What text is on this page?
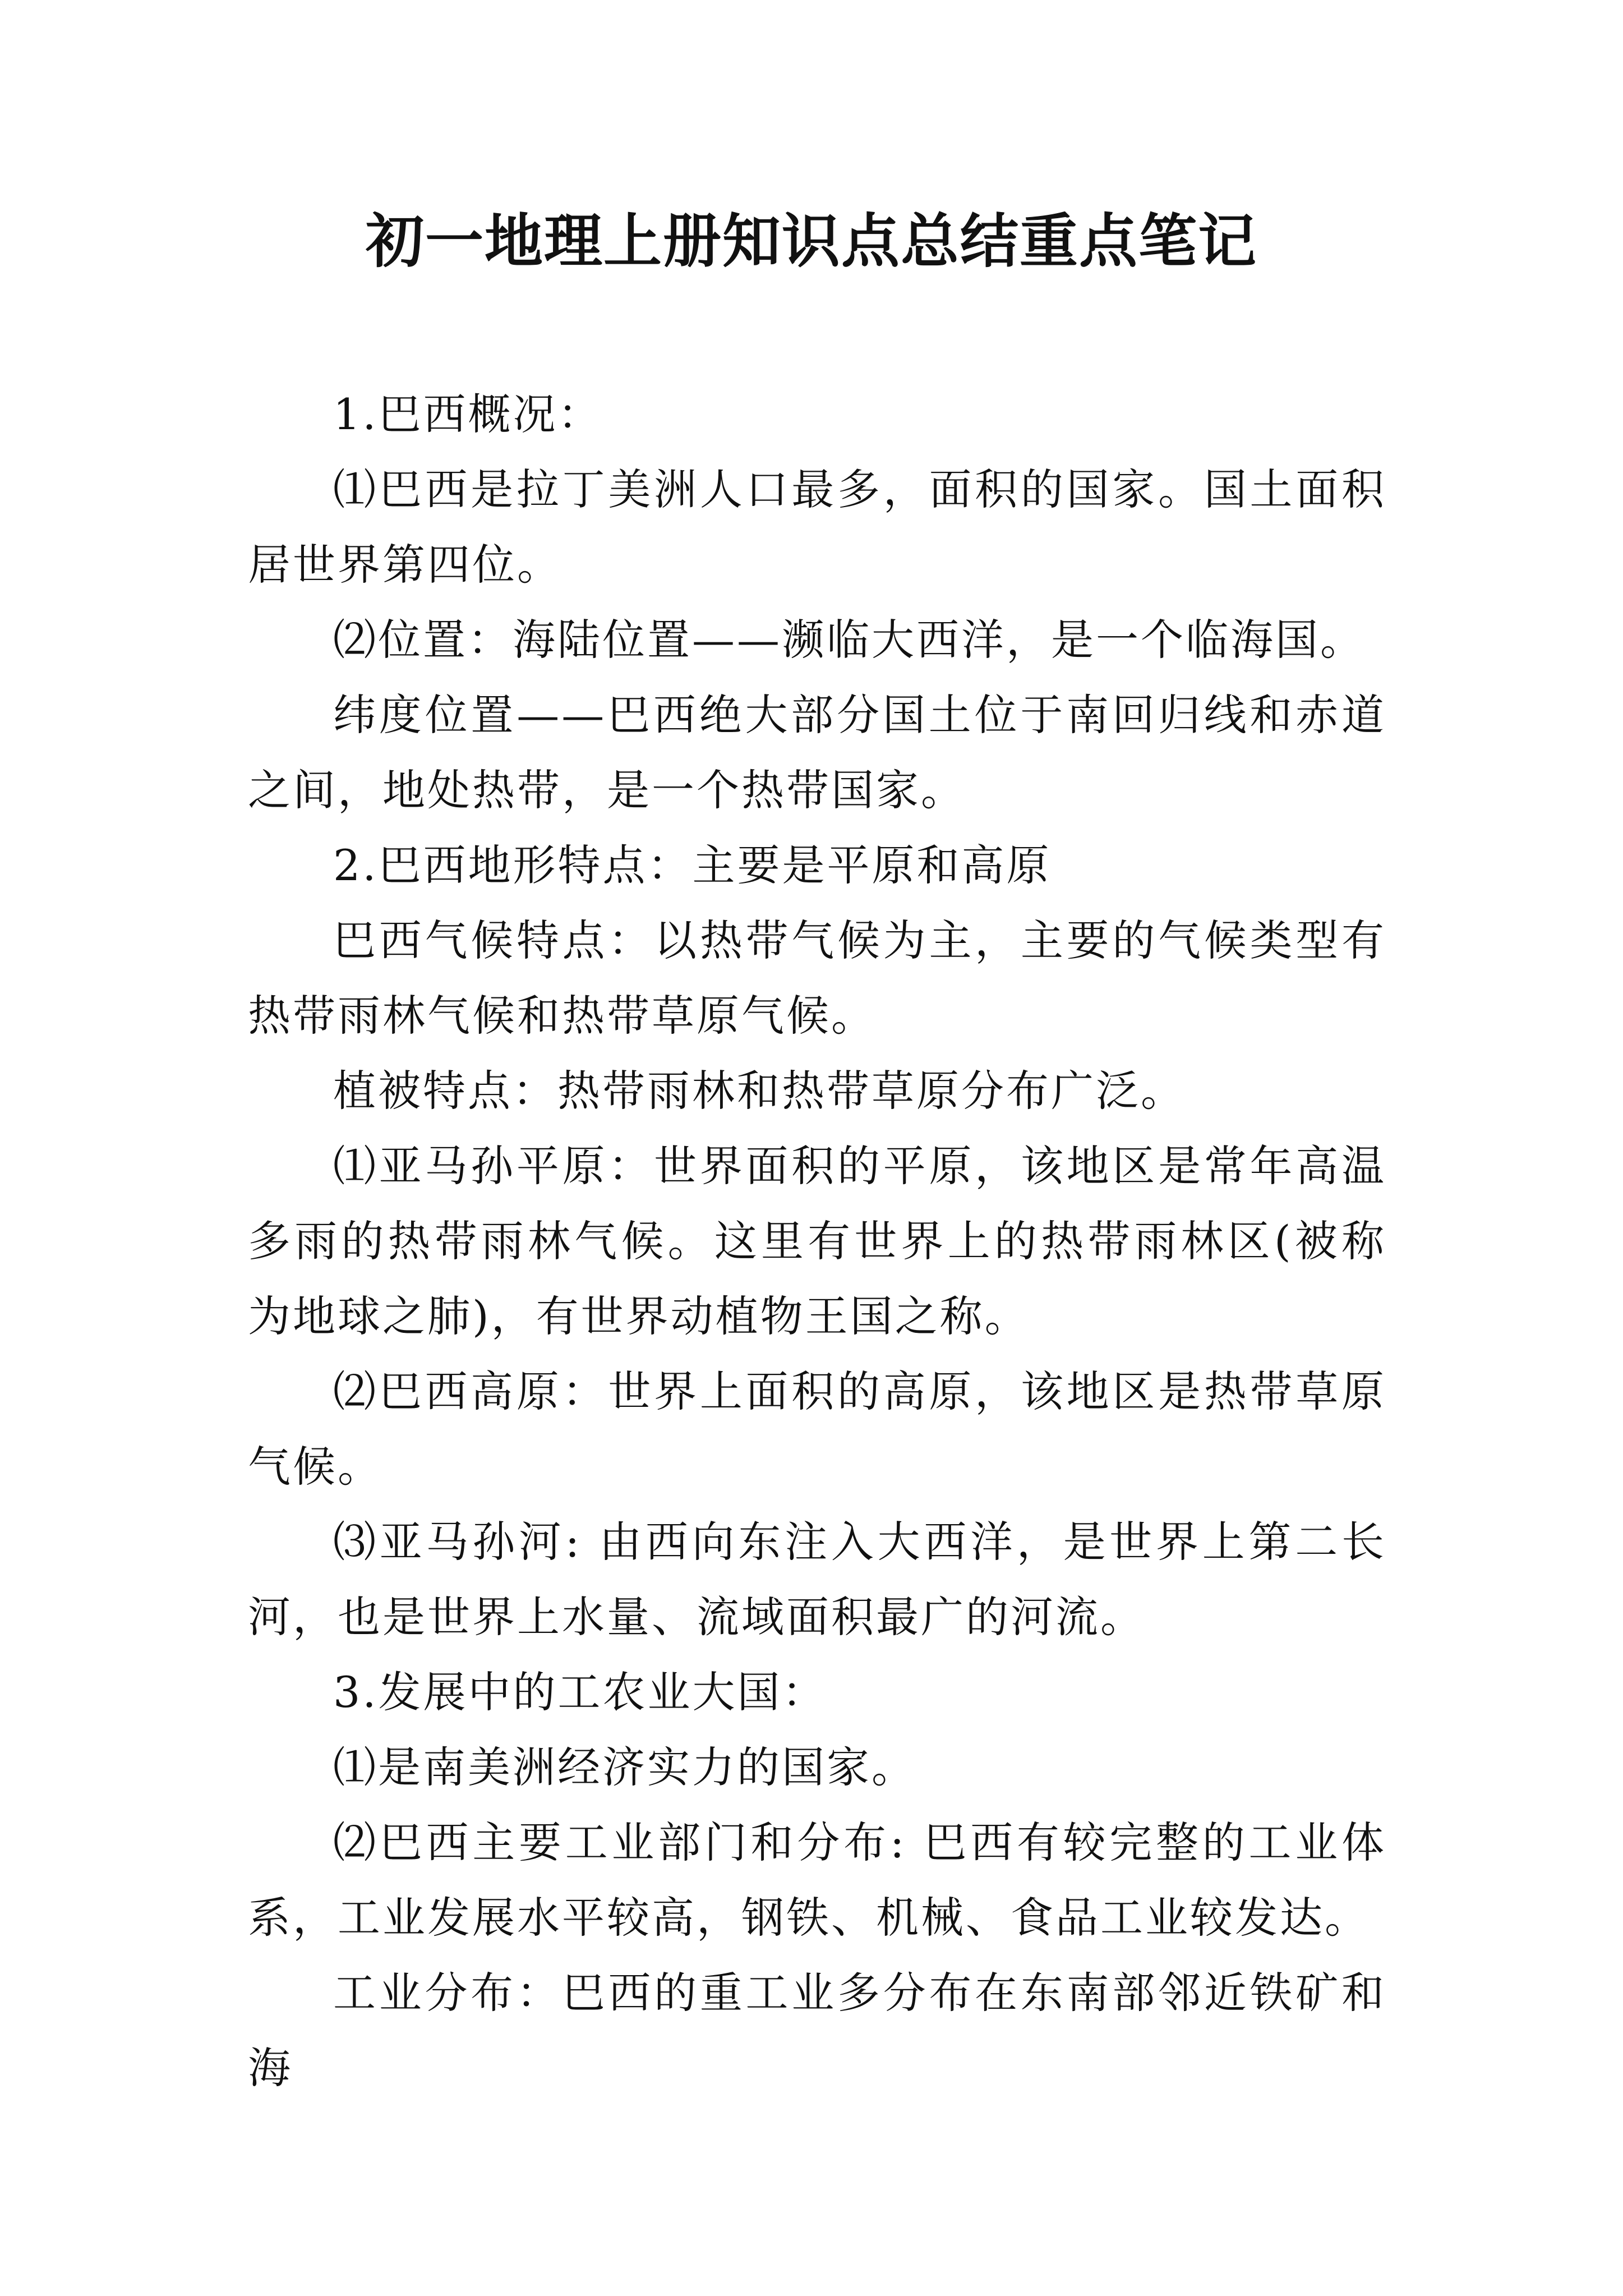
初一地理上册知识点总结重点笔记

1.巴西概况：

⑴巴西是拉丁美洲人口最多，面积的国家。国土面积居世界第四位。

⑵位置：海陆位置——濒临大西洋，是一个临海国。

纬度位置——巴西绝大部分国土位于南回归线和赤道之间，地处热带，是一个热带国家。

2.巴西地形特点：主要是平原和高原

巴西气候特点：以热带气候为主，主要的气候类型有热带雨林气候和热带草原气候。

植被特点：热带雨林和热带草原分布广泛。

⑴亚马孙平原：世界面积的平原，该地区是常年高温多雨的热带雨林气候。这里有世界上的热带雨林区(被称为地球之肺)，有世界动植物王国之称。

⑵巴西高原：世界上面积的高原，该地区是热带草原气候。

⑶亚马孙河: 由西向东注入大西洋，是世界上第二长河，也是世界上水量、流域面积最广的河流。

3.发展中的工农业大国：

⑴是南美洲经济实力的国家。

⑵巴西主要工业部门和分布: 巴西有较完整的工业体系，工业发展水平较高，钢铁、机械、食品工业较发达。

工业分布：巴西的重工业多分布在东南部邻近铁矿和海
